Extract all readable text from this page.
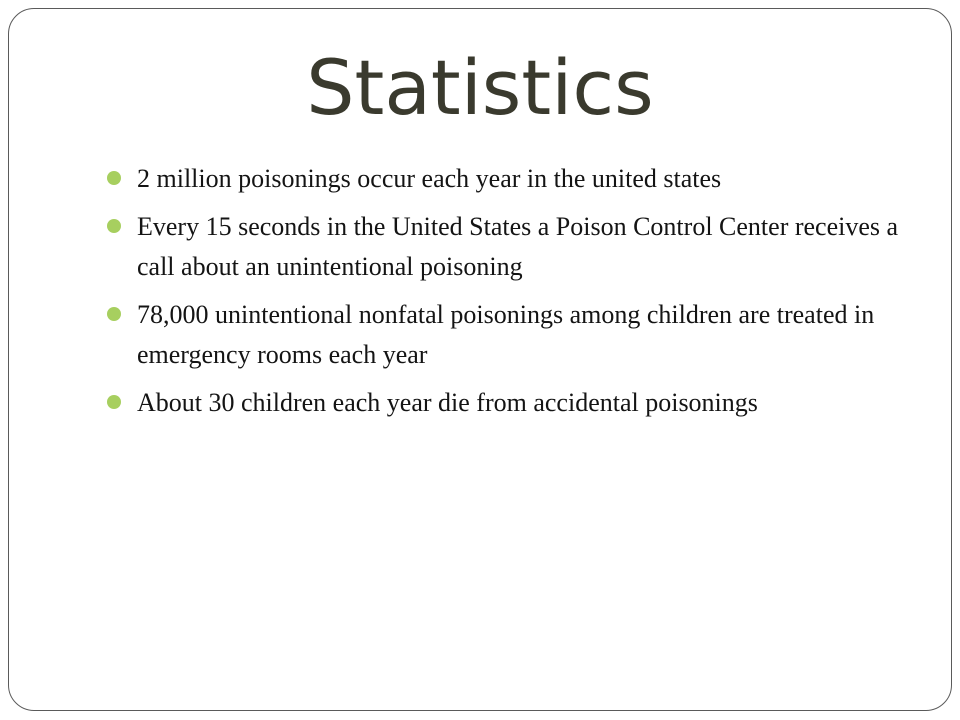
Statistics
2 million poisonings occur each year in the united states
Every 15 seconds in the United States a Poison Control Center receives a call about an unintentional poisoning
78,000 unintentional nonfatal poisonings among children are treated in emergency rooms each year
About 30 children each year die from accidental poisonings
